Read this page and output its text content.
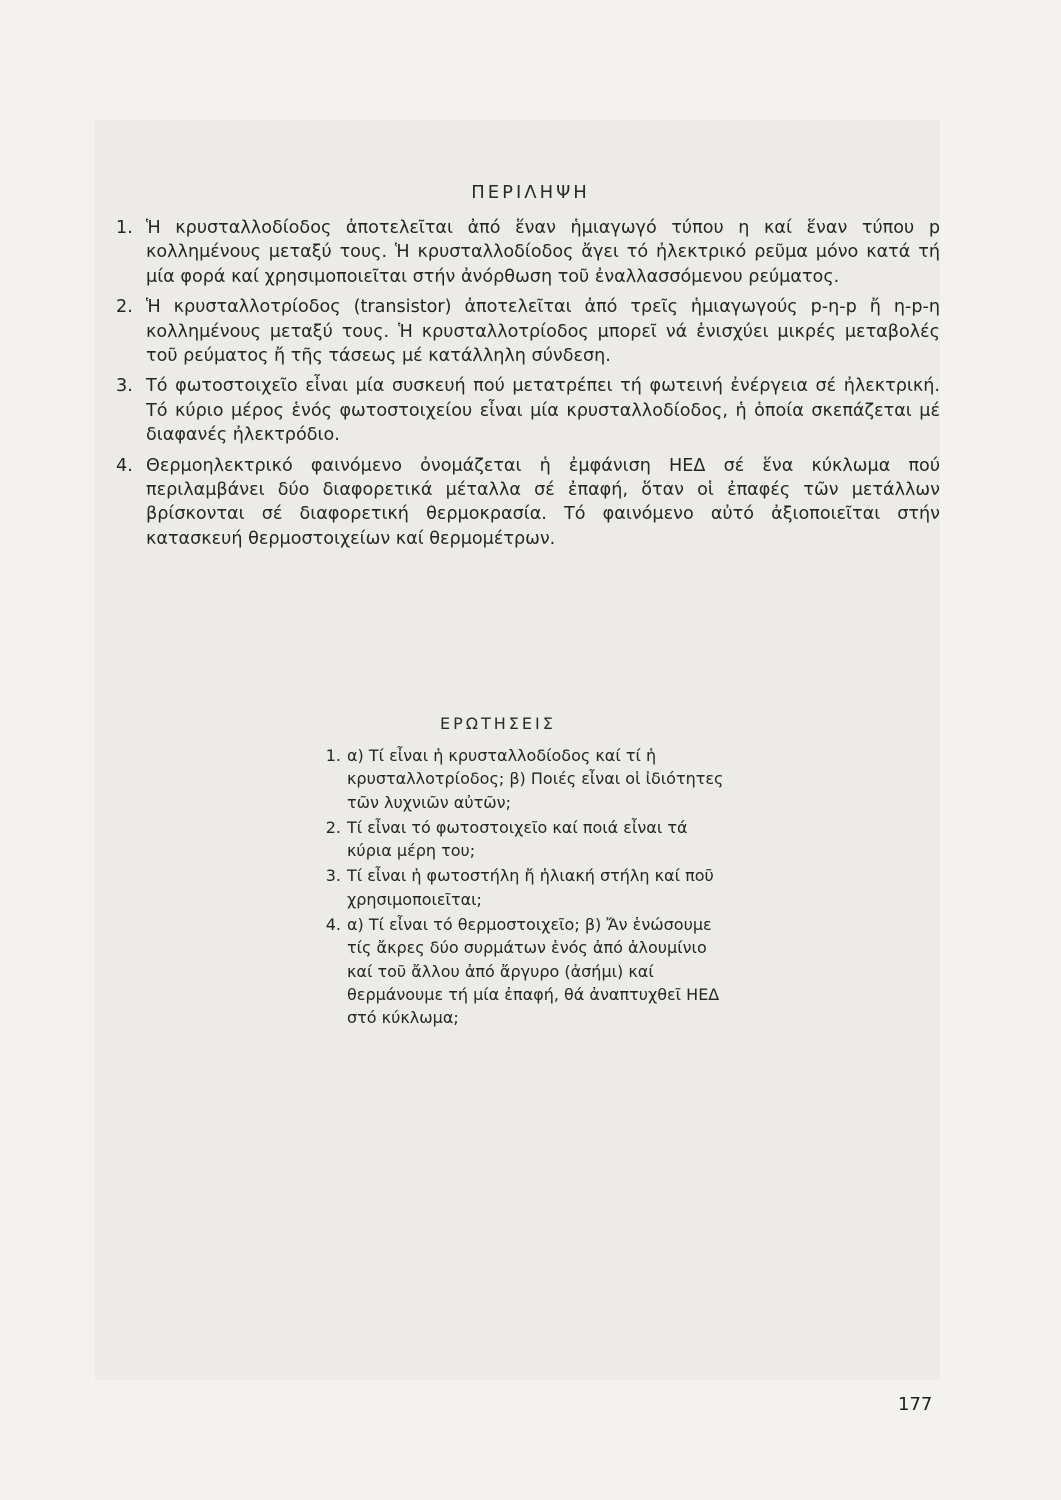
ΠΕΡΙΛΗΨΗ
1. Ἡ κρυσταλλοδίοδος ἀποτελεῖται ἀπό ἕναν ἡμιαγωγό τύπου η καί ἕναν τύπου p κολλημένους μεταξύ τους. Ἡ κρυσταλλοδίοδος ἄγει τό ἠλεκτρικό ρεῦμα μόνο κατά τή μία φορά καί χρησιμοποιεῖται στήν ἀνόρθωση τοῦ ἐναλλασσόμενου ρεύματος.
2. Ἡ κρυσταλλοτρίοδος (transistor) ἀποτελεῖται ἀπό τρεῖς ἡμιαγωγούς p-η-p ἤ η-p-η κολλημένους μεταξύ τους. Ἡ κρυσταλλοτρίοδος μπορεῖ νά ἐνισχύει μικρές μεταβολές τοῦ ρεύματος ἤ τῆς τάσεως μέ κατάλληλη σύνδεση.
3. Τό φωτοστοιχεῖο εἶναι μία συσκευή πού μετατρέπει τή φωτεινή ἐνέργεια σέ ἠλεκτρική. Τό κύριο μέρος ἑνός φωτοστοιχείου εἶναι μία κρυσταλλοδίοδος, ἡ ὁποία σκεπάζεται μέ διαφανές ἠλεκτρόδιο.
4. Θερμοηλεκτρικό φαινόμενο ὀνομάζεται ἡ ἐμφάνιση ΗΕΔ σέ ἕνα κύκλωμα πού περιλαμβάνει δύο διαφορετικά μέταλλα σέ ἐπαφή, ὅταν οἱ ἐπαφές τῶν μετάλλων βρίσκονται σέ διαφορετική θερμοκρασία. Τό φαινόμενο αὐτό ἀξιοποιεῖται στήν κατασκευή θερμοστοιχείων καί θερμομέτρων.
ΕΡΩΤΗΣΕΙΣ
1. α) Τί εἶναι ἡ κρυσταλλοδίοδος καί τί ἡ κρυσταλλοτρίοδος; β) Ποιές εἶναι οἱ ἰδιότητες τῶν λυχνιῶν αὐτῶν;
2. Τί εἶναι τό φωτοστοιχεῖο καί ποιά εἶναι τά κύρια μέρη του;
3. Τί εἶναι ἡ φωτοστήλη ἤ ἡλιακή στήλη καί ποῦ χρησιμοποιεῖται;
4. α) Τί εἶναι τό θερμοστοιχεῖο; β) Ἄν ἑνώσουμε τίς ἄκρες δύο συρμάτων ἑνός ἀπό ἀλουμίνιο καί τοῦ ἄλλου ἀπό ἄργυρο (ἀσήμι) καί θερμάνουμε τή μία ἐπαφή, θά ἀναπτυχθεῖ ΗΕΔ στό κύκλωμα;
177
